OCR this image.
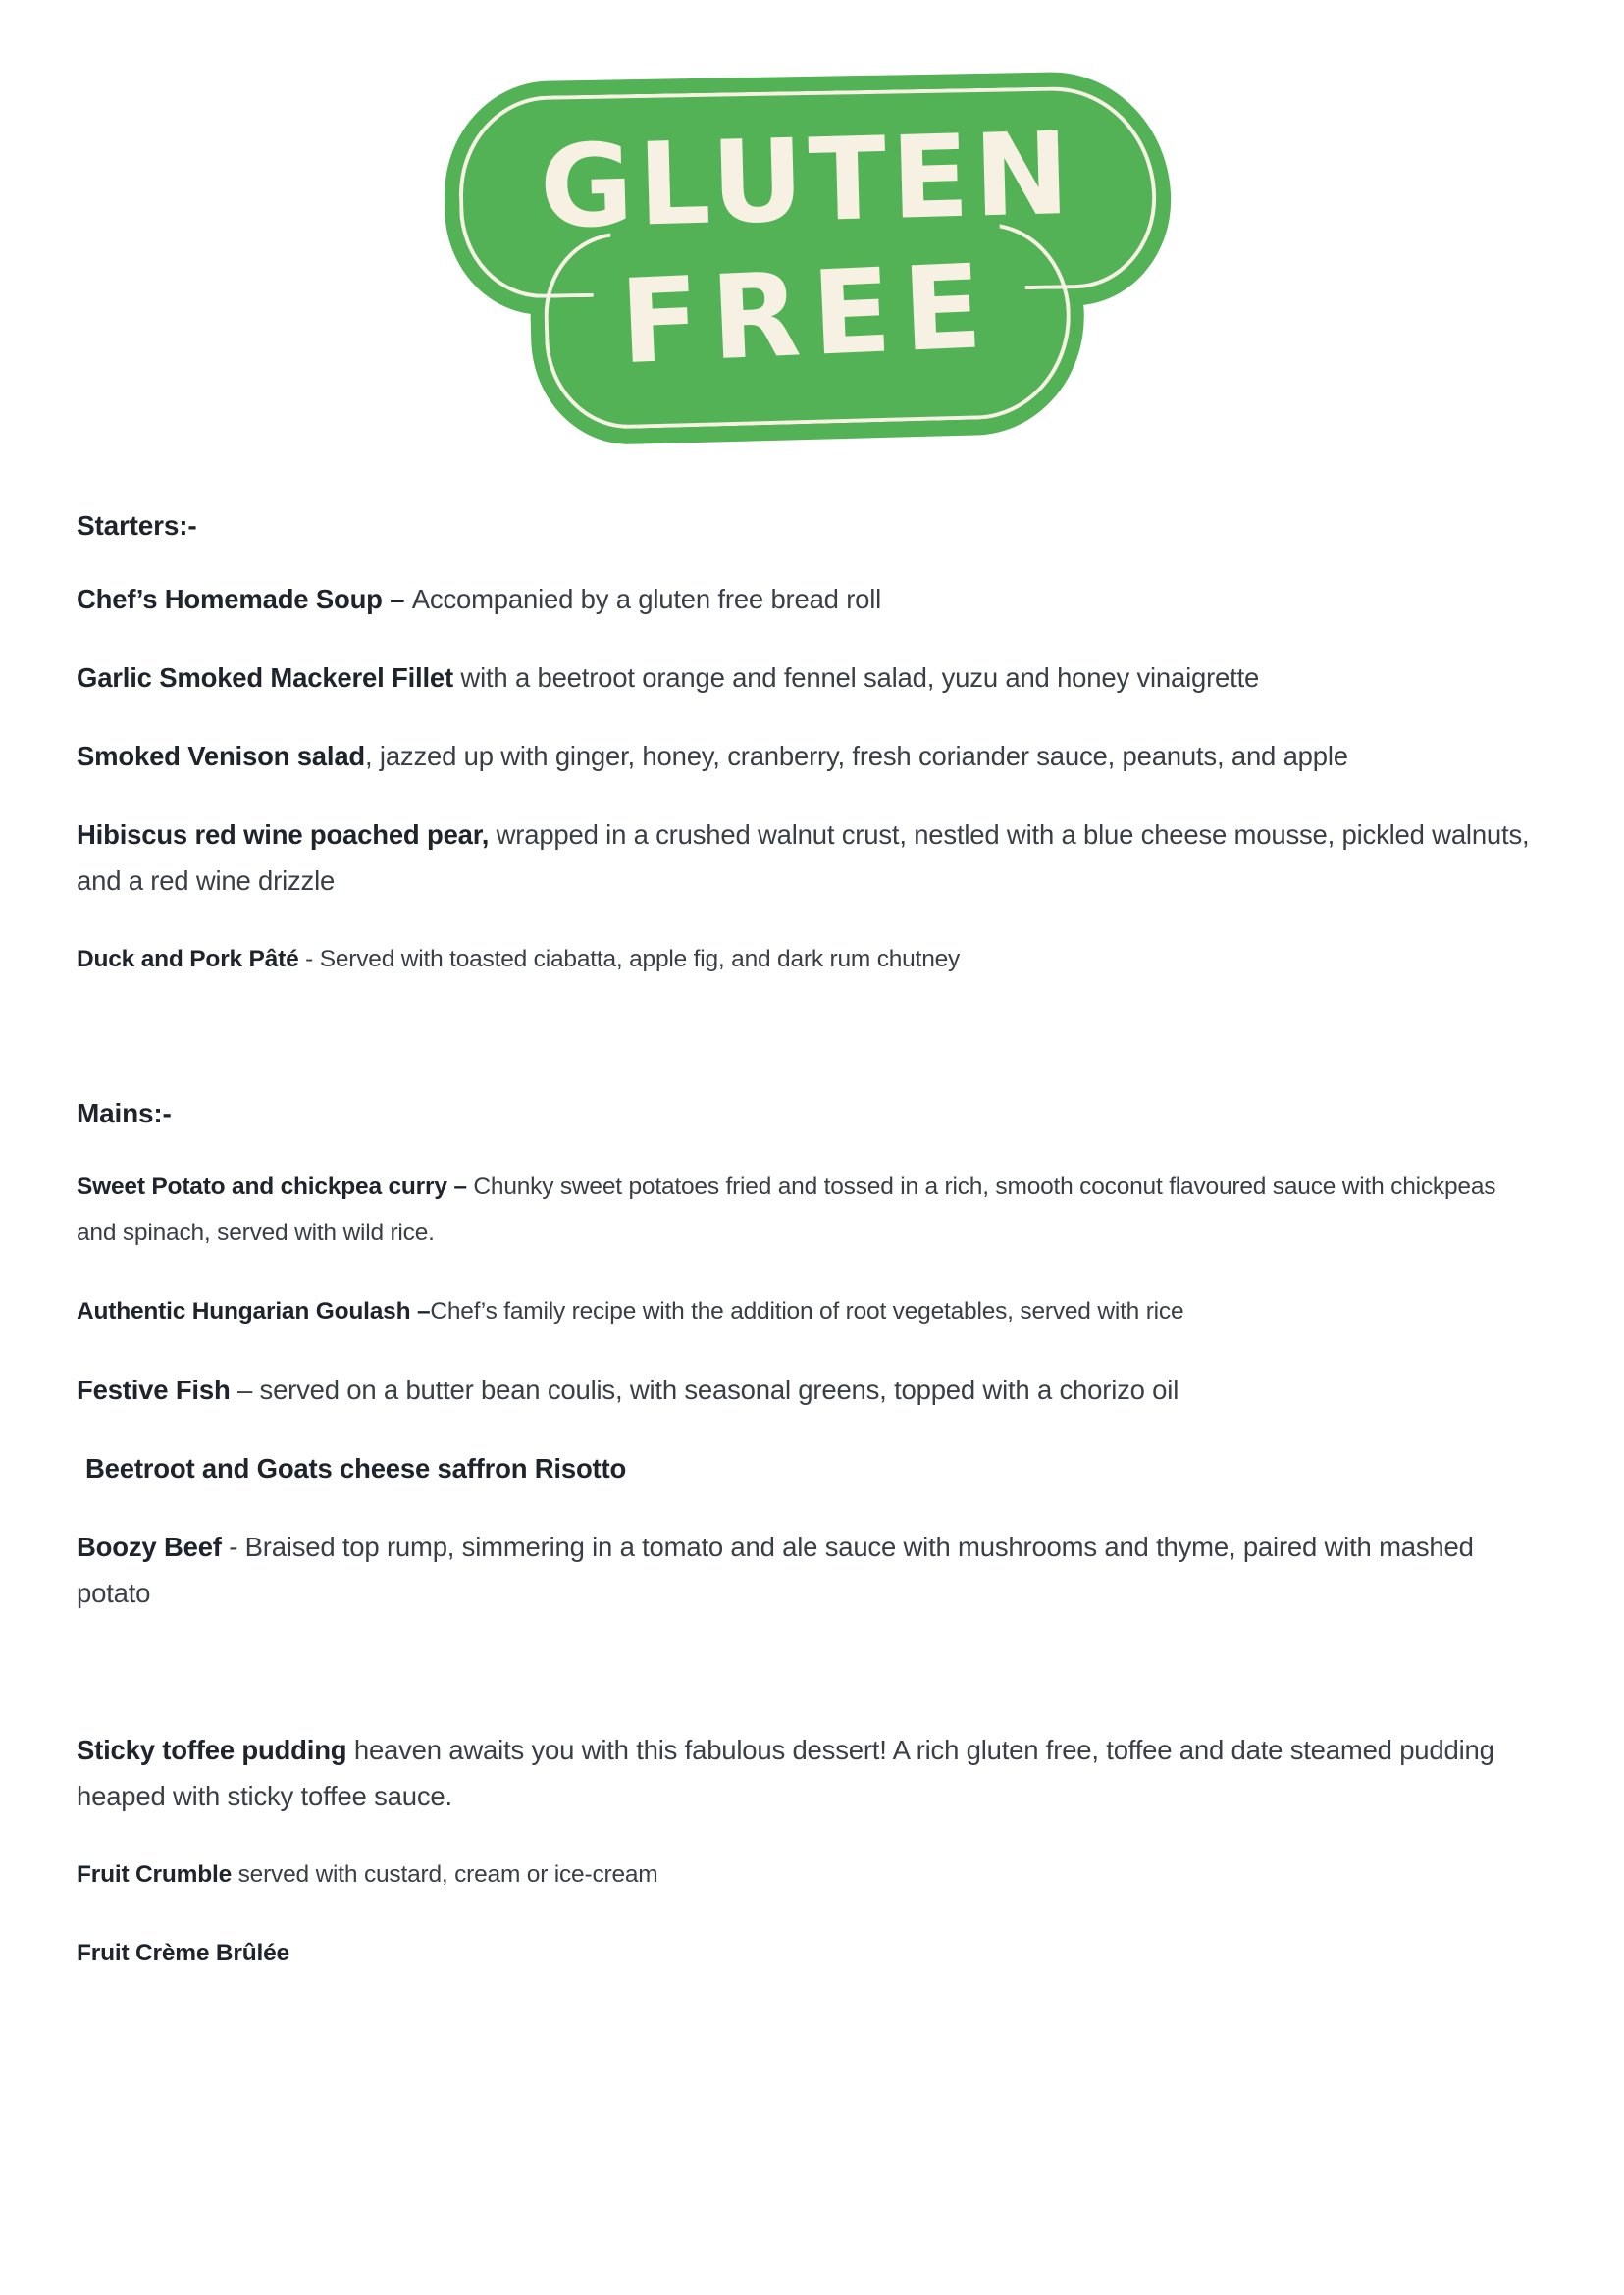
GLUTEN
FREE
Starters:-

Chef’s Homemade Soup – Accompanied by a gluten free bread roll

Garlic Smoked Mackerel Fillet with a beetroot orange and fennel salad, yuzu and honey vinaigrette

Smoked Venison salad, jazzed up with ginger, honey, cranberry, fresh coriander sauce, peanuts, and apple

Hibiscus red wine poached pear, wrapped in a crushed walnut crust, nestled with a blue cheese mousse, pickled walnuts, and a red wine drizzle

Duck and Pork Pâté - Served with toasted ciabatta, apple fig, and dark rum chutney

Mains:-

Sweet Potato and chickpea curry – Chunky sweet potatoes fried and tossed in a rich, smooth coconut flavoured sauce with chickpeas and spinach, served with wild rice.

Authentic Hungarian Goulash –Chef’s family recipe with the addition of root vegetables, served with rice

Festive Fish – served on a butter bean coulis, with seasonal greens, topped with a chorizo oil

Beetroot and Goats cheese saffron Risotto

Boozy Beef - Braised top rump, simmering in a tomato and ale sauce with mushrooms and thyme, paired with mashed potato

Sticky toffee pudding heaven awaits you with this fabulous dessert! A rich gluten free, toffee and date steamed pudding heaped with sticky toffee sauce.

Fruit Crumble served with custard, cream or ice-cream

Fruit Crème Brûlée
